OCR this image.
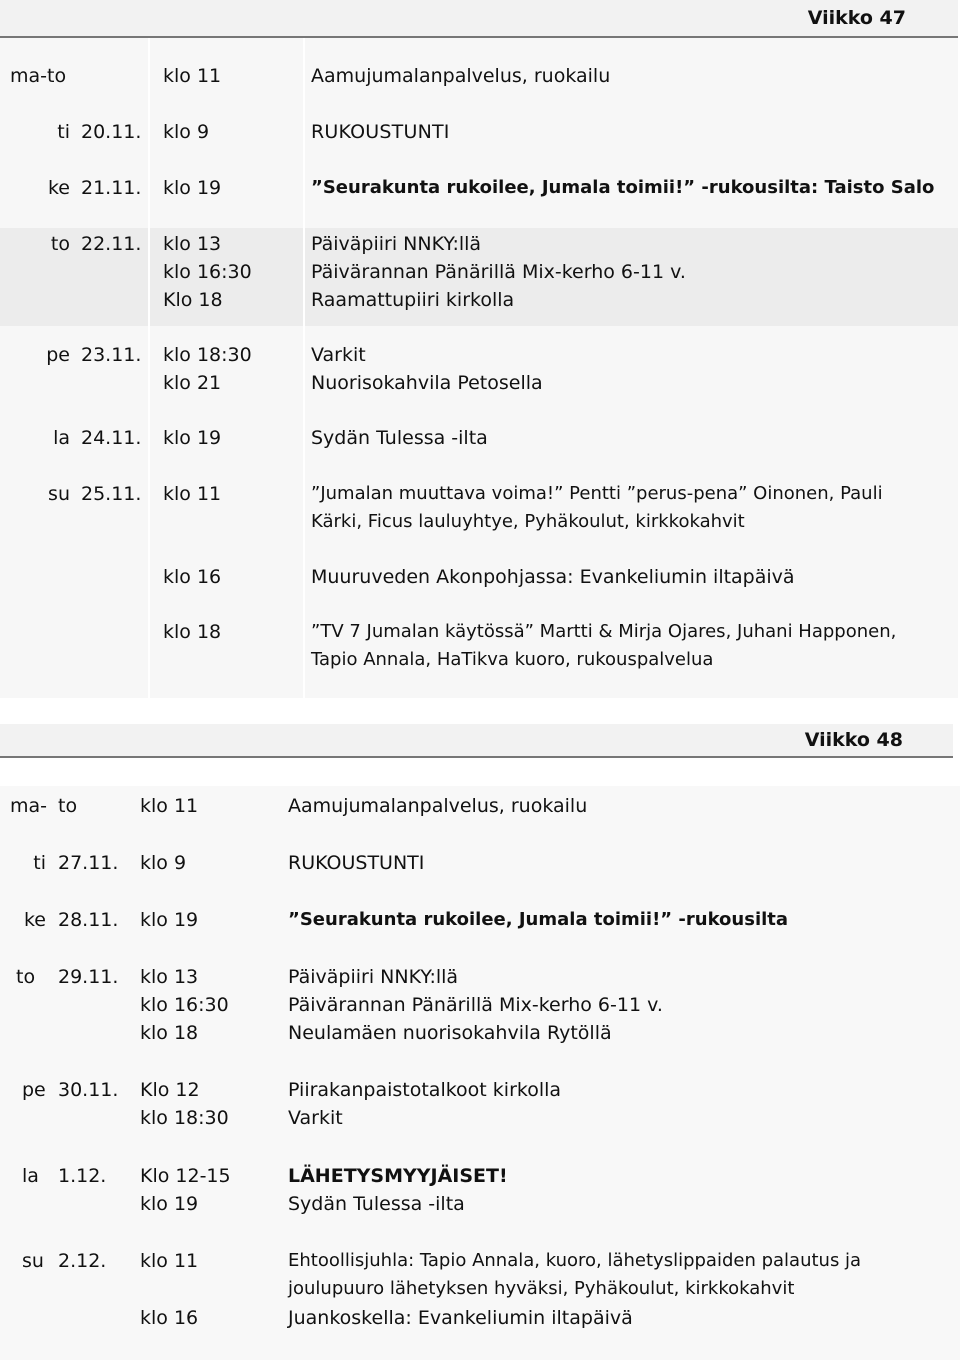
Viikko 47
ma-to	klo 11	Aamujumalanpalvelus, ruokailu
ti 20.11. klo 9	RUKOUSTUNTI
ke 21.11. klo 19	”Seurakunta rukoilee, Jumala toimii!” -rukousilta: Taisto Salo
to 22.11. klo 13	Päiväpiiri NNKY:llä
klo 16:30	Päivärannan Pänärillä Mix-kerho 6-11 v.
Klo 18	Raamattupiiri kirkolla
pe 23.11. klo 18:30	Varkit
klo 21	Nuorisokahvila Petosella
la 24.11. klo 19	Sydän Tulessa -ilta
su 25.11. klo 11	”Jumalan muuttava voima!” Pentti ”perus-pena” Oinonen, Pauli
Kärki, Ficus lauluyhtye, Pyhäkoulut, kirkkokahvit
klo 16	Muuruveden Akonpohjassa: Evankeliumin iltapäivä
klo 18	”TV 7 Jumalan käytössä” Martti & Mirja Ojares, Juhani Happonen,
Tapio Annala, HaTikva kuoro, rukouspalvelua
Viikko 48
ma- to	klo 11	Aamujumalanpalvelus, ruokailu
ti 27.11. klo 9	RUKOUSTUNTI
ke 28.11. klo 19	”Seurakunta rukoilee, Jumala toimii!” -rukousilta
to 29.11. klo 13	Päiväpiiri NNKY:llä
klo 16:30	Päivärannan Pänärillä Mix-kerho 6-11 v.
klo 18	Neulamäen nuorisokahvila Rytöllä
pe 30.11. Klo 12	Piirakanpaistotalkoot kirkolla
klo 18:30	Varkit
la 1.12. Klo 12-15	LÄHETYSMYYJÄISET!
klo 19	Sydän Tulessa -ilta
su 2.12. klo 11	Ehtoollisjuhla: Tapio Annala, kuoro, lähetyslippaiden palautus ja
joulupuuro lähetyksen hyväksi, Pyhäkoulut, kirkkokahvit
klo 16	Juankoskella: Evankeliumin iltapäivä
